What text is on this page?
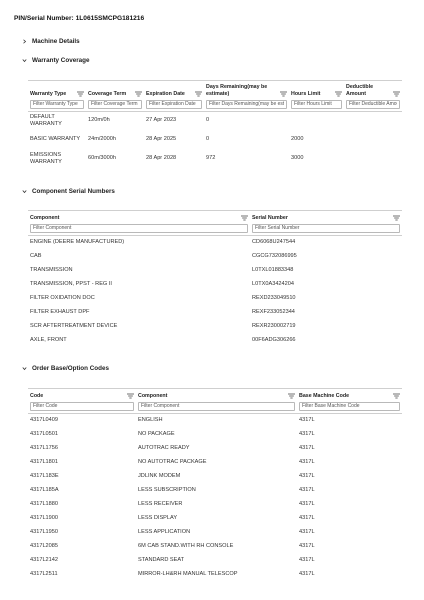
PIN/Serial Number: 1L0615SMCPG181216
Machine Details
Warranty Coverage
Warranty Type	Coverage Term	Expiration Date	Days Remaining(may be estimate)	Hours Limit	Deductible Amount

Filter Warranty Type	Filter Coverage Term	Filter Expiration Date	Filter Days Remaining(may be estimate)	Filter Hours Limit	Filter Deductible Amount
DEFAULT WARRANTY	120m/0h	27 Apr 2023	0		
BASIC WARRANTY	24m/2000h	28 Apr 2025	0	2000	
EMISSIONS WARRANTY	60m/3000h	28 Apr 2028	972	3000	
Component Serial Numbers
Component	Serial Number

Filter Component	Filter Serial Number
ENGINE (DEERE MANUFACTURED)	CD6068U247544
CAB	CGCG732086995
TRANSMISSION	L0TXL01883348
TRANSMISSION, PPST - REG II	L0TX0A3424204
FILTER OXIDATION DOC	REXD233049510
FILTER EXHAUST DPF	REXF233052344
SCR AFTERTREATMENT DEVICE	REXR230002719
AXLE, FRONT	00F6ADG306266
Order Base/Option Codes
Code	Component	Base Machine Code

Filter Code	Filter Component	Filter Base Machine Code
4317L0409	ENGLISH	4317L
4317L0501	NO PACKAGE	4317L
4317L1756	AUTOTRAC READY	4317L
4317L1801	NO AUTOTRAC PACKAGE	4317L
4317L183E	JDLINK MODEM	4317L
4317L185A	LESS SUBSCRIPTION	4317L
4317L1880	LESS RECEIVER	4317L
4317L1900	LESS DISPLAY	4317L
4317L1950	LESS APPLICATION	4317L
4317L2085	6M CAB STAND.WITH RH CONSOLE	4317L
4317L2142	STANDARD SEAT	4317L
4317L2511	MIRROR-LH&RH MANUAL TELESCOP	4317L
